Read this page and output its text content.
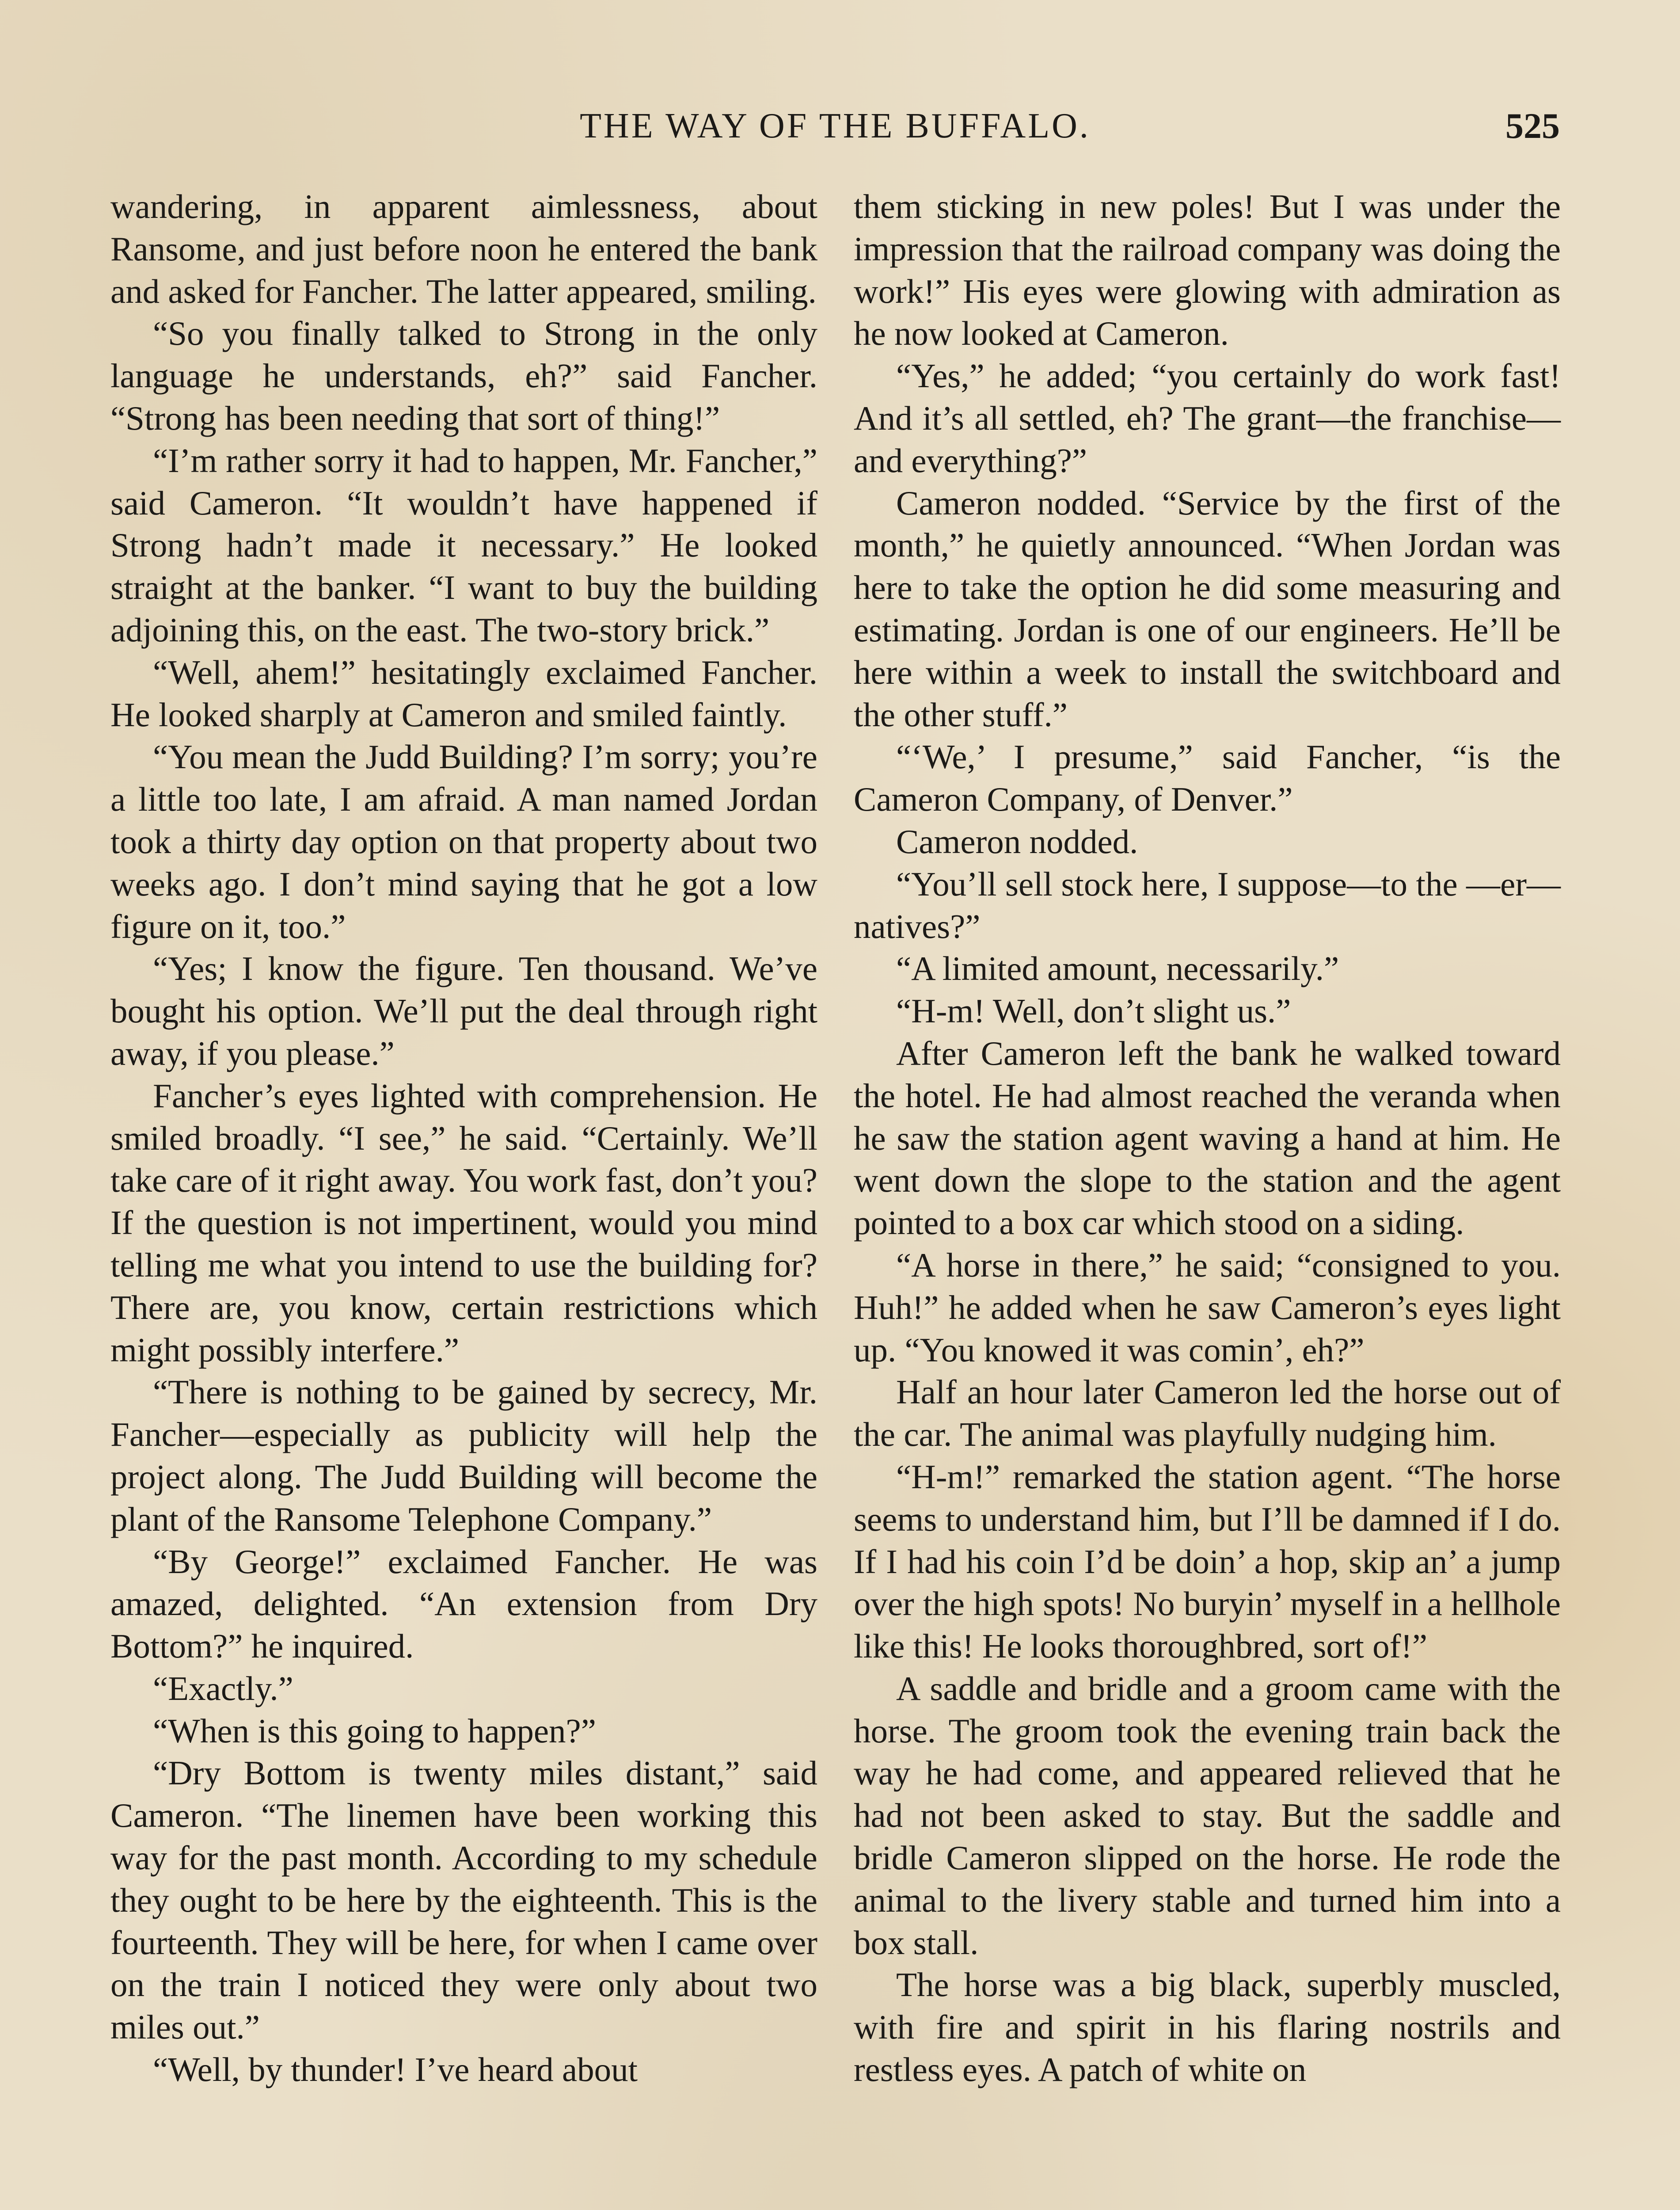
THE WAY OF THE BUFFALO.	525

wandering, in apparent aimlessness, about Ransome, and just before noon he entered the bank and asked for Fancher. The latter appeared, smiling.

“So you finally talked to Strong in the only language he understands, eh?” said Fancher. “Strong has been needing that sort of thing!”

“I’m rather sorry it had to happen, Mr. Fancher,” said Cameron. “It wouldn’t have happened if Strong hadn’t made it necessary.” He looked straight at the banker. “I want to buy the building adjoining this, on the east. The two-story brick.”

“Well, ahem!” hesitatingly exclaimed Fancher. He looked sharply at Cameron and smiled faintly.

“You mean the Judd Building? I’m sorry; you’re a little too late, I am afraid. A man named Jordan took a thirty day option on that property about two weeks ago. I don’t mind saying that he got a low figure on it, too.”

“Yes; I know the figure. Ten thousand. We’ve bought his option. We’ll put the deal through right away, if you please.”

Fancher’s eyes lighted with comprehension. He smiled broadly. “I see,” he said. “Certainly. We’ll take care of it right away. You work fast, don’t you? If the question is not impertinent, would you mind telling me what you intend to use the building for? There are, you know, certain restrictions which might possibly interfere.”

“There is nothing to be gained by secrecy, Mr. Fancher—especially as publicity will help the project along. The Judd Building will become the plant of the Ransome Telephone Company.”

“By George!” exclaimed Fancher. He was amazed, delighted. “An extension from Dry Bottom?” he inquired.

“Exactly.”

“When is this going to happen?”

“Dry Bottom is twenty miles distant,” said Cameron. “The linemen have been working this way for the past month. According to my schedule they ought to be here by the eighteenth. This is the fourteenth. They will be here, for when I came over on the train I noticed they were only about two miles out.”

“Well, by thunder! I’ve heard about

them sticking in new poles! But I was under the impression that the railroad company was doing the work!” His eyes were glowing with admiration as he now looked at Cameron.

“Yes,” he added; “you certainly do work fast! And it’s all settled, eh? The grant—the franchise—and everything?”

Cameron nodded. “Service by the first of the month,” he quietly announced. “When Jordan was here to take the option he did some measuring and estimating. Jordan is one of our engineers. He’ll be here within a week to install the switchboard and the other stuff.”

“‘We,’ I presume,” said Fancher, “is the Cameron Company, of Denver.”

Cameron nodded.

“You’ll sell stock here, I suppose—to the —er—natives?”

“A limited amount, necessarily.”

“H-m! Well, don’t slight us.”

After Cameron left the bank he walked toward the hotel. He had almost reached the veranda when he saw the station agent waving a hand at him. He went down the slope to the station and the agent pointed to a box car which stood on a siding.

“A horse in there,” he said; “consigned to you. Huh!” he added when he saw Cameron’s eyes light up. “You knowed it was comin’, eh?”

Half an hour later Cameron led the horse out of the car. The animal was playfully nudging him.

“H-m!” remarked the station agent. “The horse seems to understand him, but I’ll be damned if I do. If I had his coin I’d be doin’ a hop, skip an’ a jump over the high spots! No buryin’ myself in a hellhole like this! He looks thoroughbred, sort of!”

A saddle and bridle and a groom came with the horse. The groom took the evening train back the way he had come, and appeared relieved that he had not been asked to stay. But the saddle and bridle Cameron slipped on the horse. He rode the animal to the livery stable and turned him into a box stall.

The horse was a big black, superbly muscled, with fire and spirit in his flaring nostrils and restless eyes. A patch of white on
